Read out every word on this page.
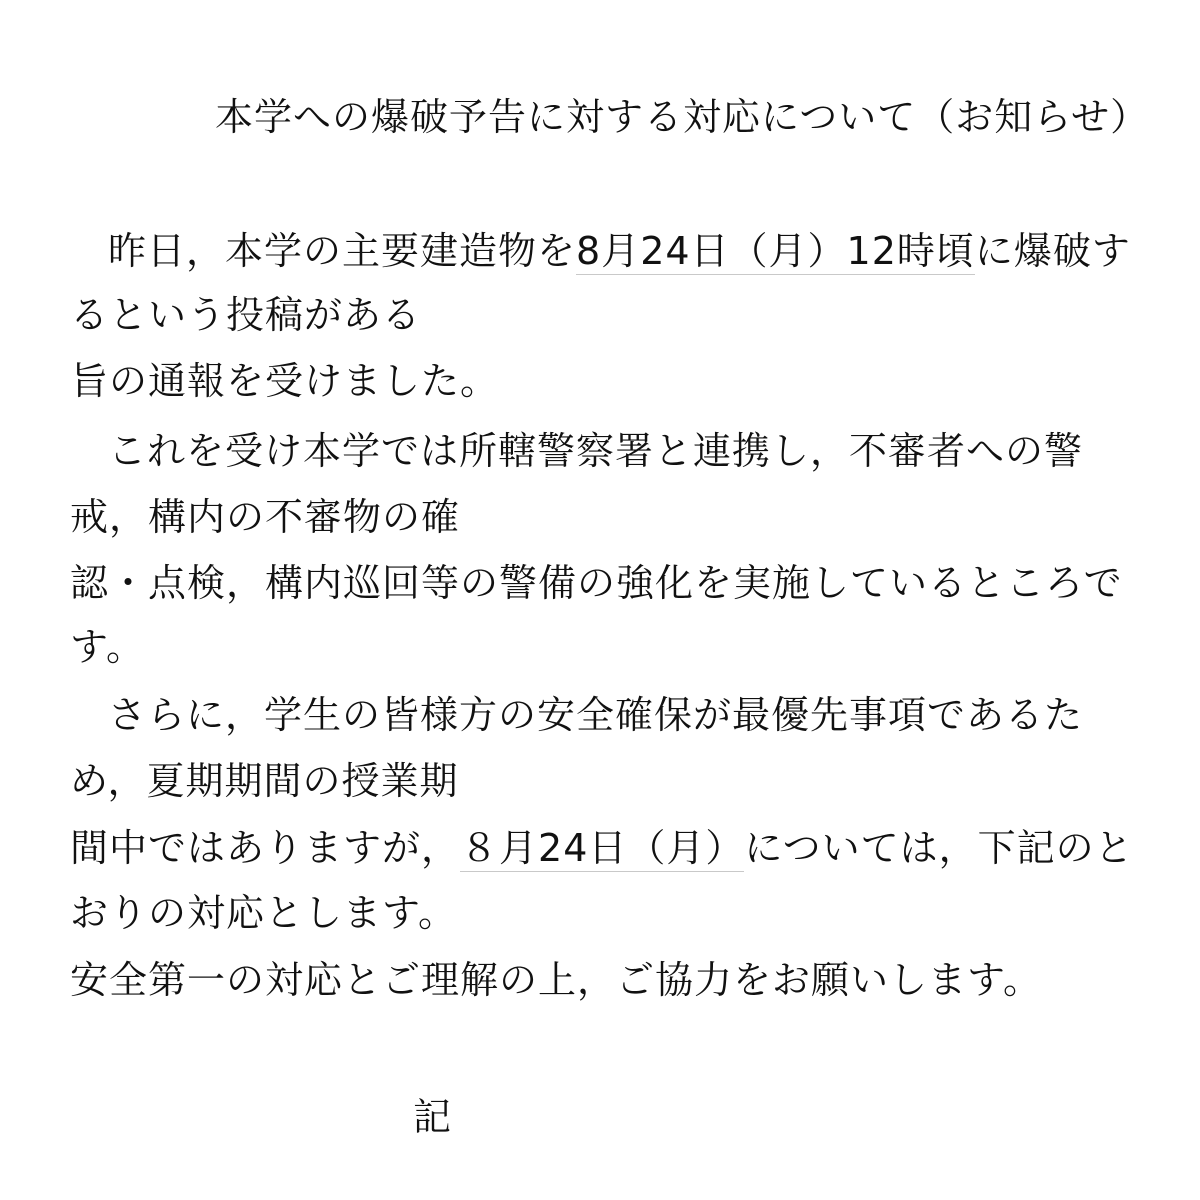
本学への爆破予告に対する対応について（お知らせ）
昨日，本学の主要建造物を8月24日（月）12時頃に爆破す
るという投稿がある
旨の通報を受けました。
これを受け本学では所轄警察署と連携し，不審者への警
戒，構内の不審物の確
認・点検，構内巡回等の警備の強化を実施しているところで
す。
さらに，学生の皆様方の安全確保が最優先事項であるた
め，夏期期間の授業期
間中ではありますが，８月24日（月）については，下記のと
おりの対応とします。
安全第一の対応とご理解の上，ご協力をお願いします。
記
